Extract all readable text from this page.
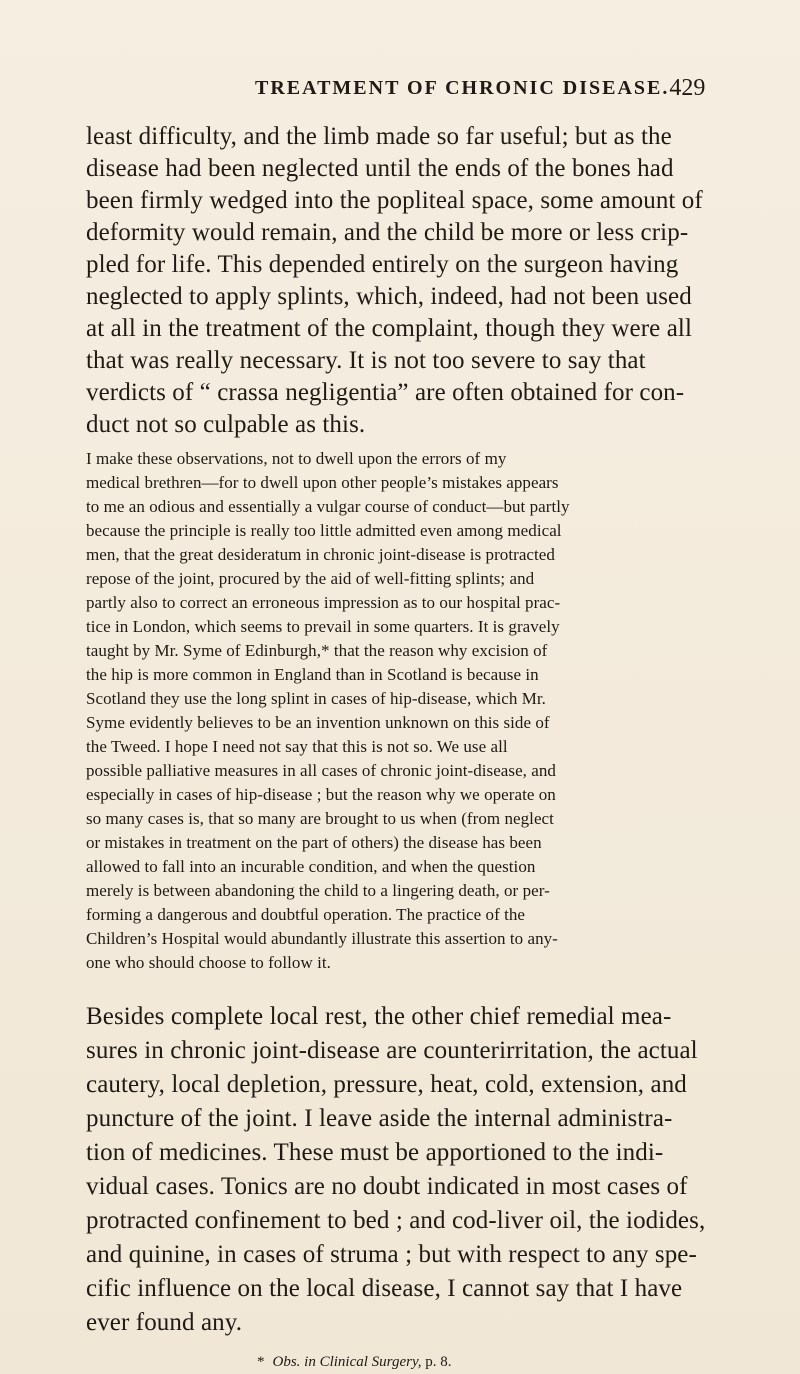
TREATMENT OF CHRONIC DISEASE. 429
least difficulty, and the limb made so far useful; but as the
disease had been neglected until the ends of the bones had
been firmly wedged into the popliteal space, some amount of
deformity would remain, and the child be more or less crip-
pled for life. This depended entirely on the surgeon having
neglected to apply splints, which, indeed, had not been used
at all in the treatment of the complaint, though they were all
that was really necessary. It is not too severe to say that
verdicts of “ crassa negligentia” are often obtained for con-
duct not so culpable as this.
I make these observations, not to dwell upon the errors of my
medical brethren—for to dwell upon other people’s mistakes appears
to me an odious and essentially a vulgar course of conduct—but partly
because the principle is really too little admitted even among medical
men, that the great desideratum in chronic joint-disease is protracted
repose of the joint, procured by the aid of well-fitting splints; and
partly also to correct an erroneous impression as to our hospital prac-
tice in London, which seems to prevail in some quarters. It is gravely
taught by Mr. Syme of Edinburgh,* that the reason why excision of
the hip is more common in England than in Scotland is because in
Scotland they use the long splint in cases of hip-disease, which Mr.
Syme evidently believes to be an invention unknown on this side of
the Tweed. I hope I need not say that this is not so. We use all
possible palliative measures in all cases of chronic joint-disease, and
especially in cases of hip-disease ; but the reason why we operate on
so many cases is, that so many are brought to us when (from neglect
or mistakes in treatment on the part of others) the disease has been
allowed to fall into an incurable condition, and when the question
merely is between abandoning the child to a lingering death, or per-
forming a dangerous and doubtful operation. The practice of the
Children’s Hospital would abundantly illustrate this assertion to any-
one who should choose to follow it.
Besides complete local rest, the other chief remedial mea-
sures in chronic joint-disease are counterirritation, the actual
cautery, local depletion, pressure, heat, cold, extension, and
puncture of the joint. I leave aside the internal administra-
tion of medicines. These must be apportioned to the indi-
vidual cases. Tonics are no doubt indicated in most cases of
protracted confinement to bed ; and cod-liver oil, the iodides,
and quinine, in cases of struma ; but with respect to any spe-
cific influence on the local disease, I cannot say that I have
ever found any.
* Obs. in Clinical Surgery, p. 8.
